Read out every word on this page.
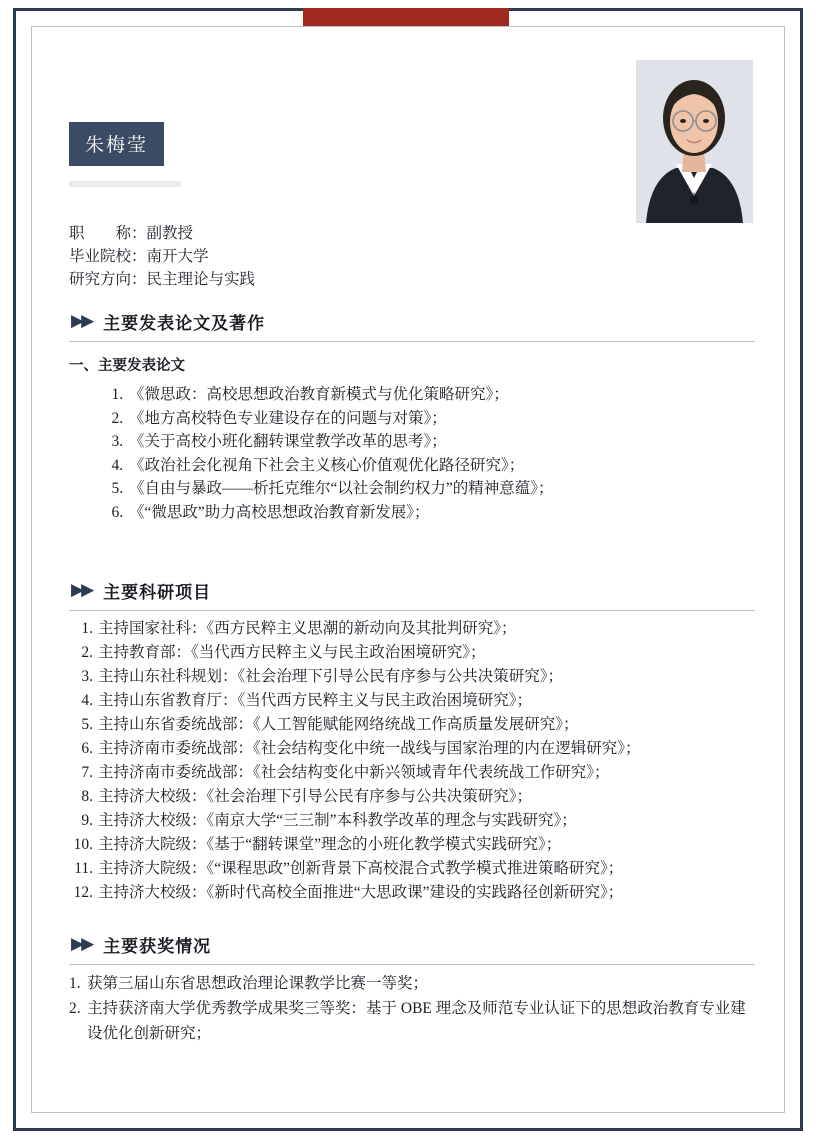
朱梅莹
职　　称：副教授
毕业院校：南开大学
研究方向：民主理论与实践
▶▶ 主要发表论文及著作
一、主要发表论文
1. 《微思政：高校思想政治教育新模式与优化策略研究》；
2. 《地方高校特色专业建设存在的问题与对策》；
3. 《关于高校小班化翻转课堂教学改革的思考》；
4. 《政治社会化视角下社会主义核心价值观优化路径研究》；
5. 《自由与暴政——析托克维尔“以社会制约权力”的精神意蕴》；
6. 《“微思政”助力高校思想政治教育新发展》；
▶▶ 主要科研项目
1. 主持国家社科：《西方民粹主义思潮的新动向及其批判研究》；
2. 主持教育部：《当代西方民粹主义与民主政治困境研究》；
3. 主持山东社科规划：《社会治理下引导公民有序参与公共决策研究》；
4. 主持山东省教育厅：《当代西方民粹主义与民主政治困境研究》；
5. 主持山东省委统战部：《人工智能赋能网络统战工作高质量发展研究》；
6. 主持济南市委统战部：《社会结构变化中统一战线与国家治理的内在逻辑研究》；
7. 主持济南市委统战部：《社会结构变化中新兴领域青年代表统战工作研究》；
8. 主持济大校级：《社会治理下引导公民有序参与公共决策研究》；
9. 主持济大校级：《南京大学“三三制”本科教学改革的理念与实践研究》；
10. 主持济大院级：《基于“翻转课堂”理念的小班化教学模式实践研究》；
11. 主持济大院级：《“课程思政”创新背景下高校混合式教学模式推进策略研究》；
12. 主持济大校级：《新时代高校全面推进“大思政课”建设的实践路径创新研究》；
▶▶ 主要获奖情况
1. 获第三届山东省思想政治理论课教学比赛一等奖；
2. 主持获济南大学优秀教学成果奖三等奖：基于 OBE 理念及师范专业认证下的思想政治教育专业建设优化创新研究；
